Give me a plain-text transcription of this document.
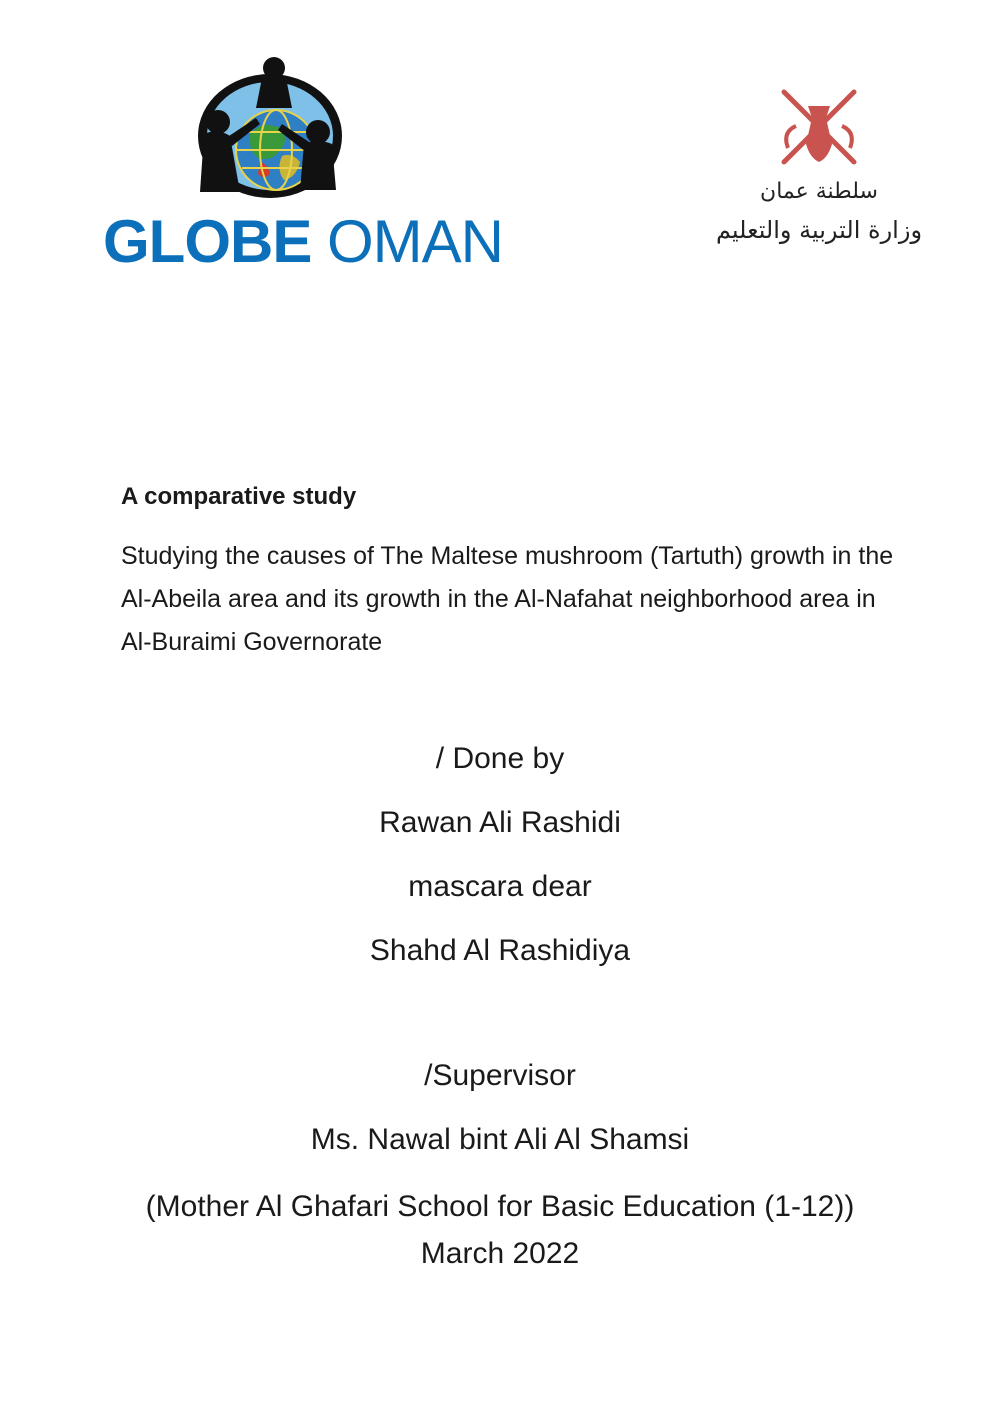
GLOBE OMAN
سلطنة عمان
وزارة التربية والتعليم
A comparative study
Studying the causes of The Maltese mushroom (Tartuth) growth in the Al-Abeila area and its growth in the Al-Nafahat neighborhood area in Al-Buraimi Governorate
/ Done by
Rawan Ali Rashidi
mascara dear
Shahd Al Rashidiya
/Supervisor
Ms. Nawal bint Ali Al Shamsi
(Mother Al Ghafari School for Basic Education (1-12)) March 2022
